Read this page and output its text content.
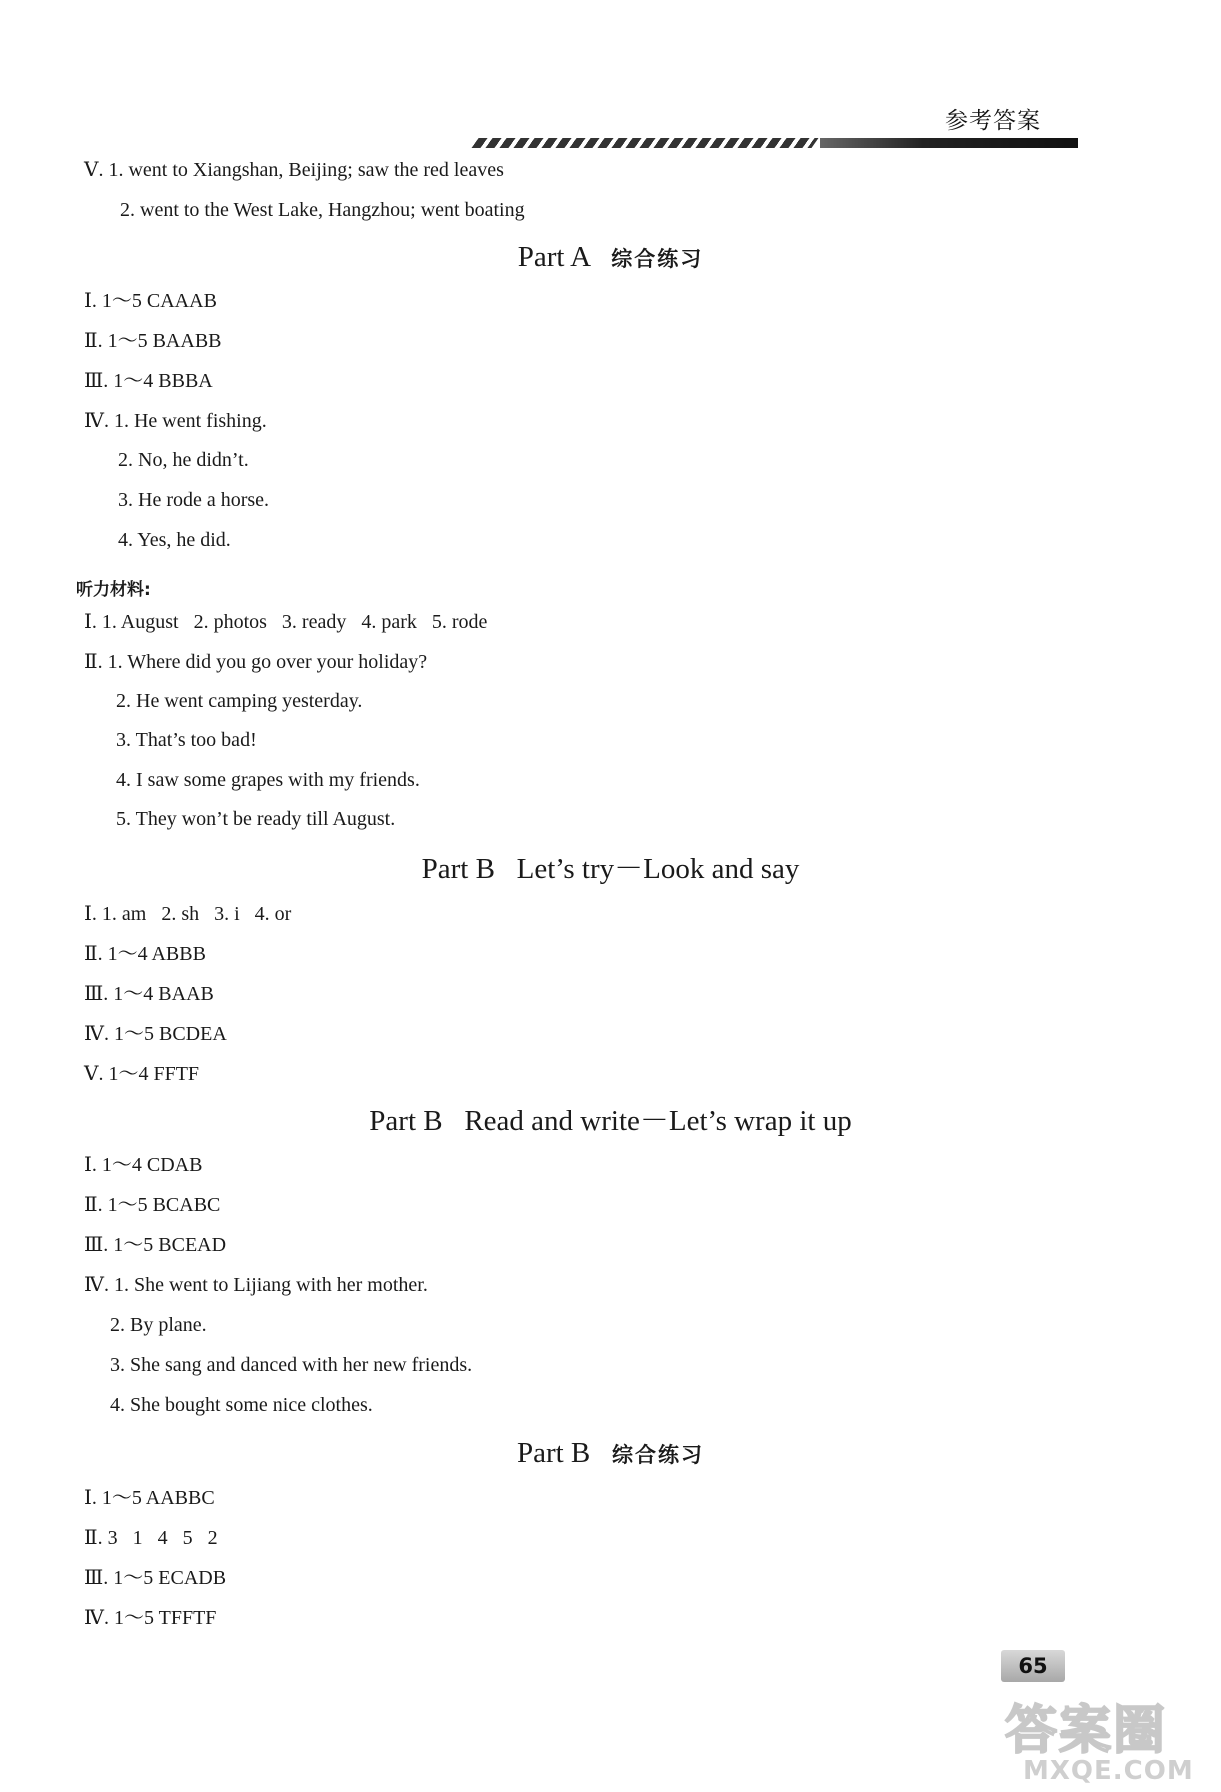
参考答案
Ⅴ. 1. went to Xiangshan, Beijing; saw the red leaves
2. went to the West Lake, Hangzhou; went boating
Part A 综合练习
Ⅰ. 1～5 CAAAB
Ⅱ. 1～5 BAABB
Ⅲ. 1～4 BBBA
Ⅳ. 1. He went fishing.
2. No, he didn’t.
3. He rode a horse.
4. Yes, he did.
听力材料:
Ⅰ. 1. August   2. photos   3. ready   4. park   5. rode
Ⅱ. 1. Where did you go over your holiday?
2. He went camping yesterday.
3. That’s too bad!
4. I saw some grapes with my friends.
5. They won’t be ready till August.
Part B   Let’s try－Look and say
Ⅰ. 1. am   2. sh   3. i   4. or
Ⅱ. 1～4 ABBB
Ⅲ. 1～4 BAAB
Ⅳ. 1～5 BCDEA
Ⅴ. 1～4 FFTF
Part B   Read and write－Let’s wrap it up
Ⅰ. 1～4 CDAB
Ⅱ. 1～5 BCABC
Ⅲ. 1～5 BCEAD
Ⅳ. 1. She went to Lijiang with her mother.
2. By plane.
3. She sang and danced with her new friends.
4. She bought some nice clothes.
Part B 综合练习
Ⅰ. 1～5 AABBC
Ⅱ. 3   1   4   5   2
Ⅲ. 1～5 ECADB
Ⅳ. 1～5 TFFTF
65
答案圈
MXQE.COM
